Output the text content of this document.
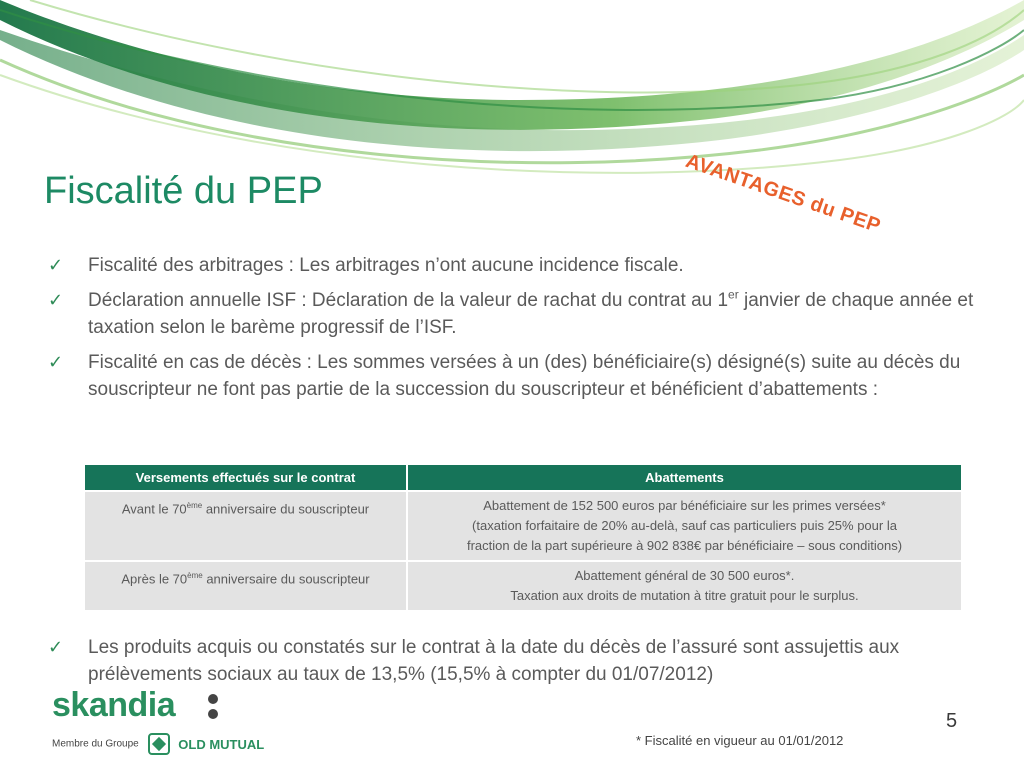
AVANTAGES du PEP
Fiscalité du PEP
✓ Fiscalité des arbitrages : Les arbitrages n’ont aucune incidence fiscale.
✓ Déclaration annuelle ISF : Déclaration de la valeur de rachat du contrat au 1er janvier de chaque année et taxation selon le barème progressif de l’ISF.
✓ Fiscalité en cas de décès : Les sommes versées à un (des) bénéficiaire(s) désigné(s) suite au décès du souscripteur ne font pas partie de la succession du souscripteur et bénéficient d’abattements :
Versements effectués sur le contrat	Abattements
Avant le 70ème anniversaire du souscripteur	Abattement de 152 500 euros par bénéficiaire sur les primes versées*
(taxation forfaitaire de 20% au-delà, sauf cas particuliers puis 25% pour la
fraction de la part supérieure à 902 838€ par bénéficiaire – sous conditions)

Après le 70ème anniversaire du souscripteur	Abattement général de 30 500 euros*.
Taxation aux droits de mutation à titre gratuit pour le surplus.
✓ Les produits acquis ou constatés sur le contrat à la date du décès de l’assuré sont assujettis aux prélèvements sociaux au taux de 13,5% (15,5% à compter du 01/07/2012)
skandia
Membre du Groupe	OLD MUTUAL
5
* Fiscalité en vigueur au 01/01/2012
